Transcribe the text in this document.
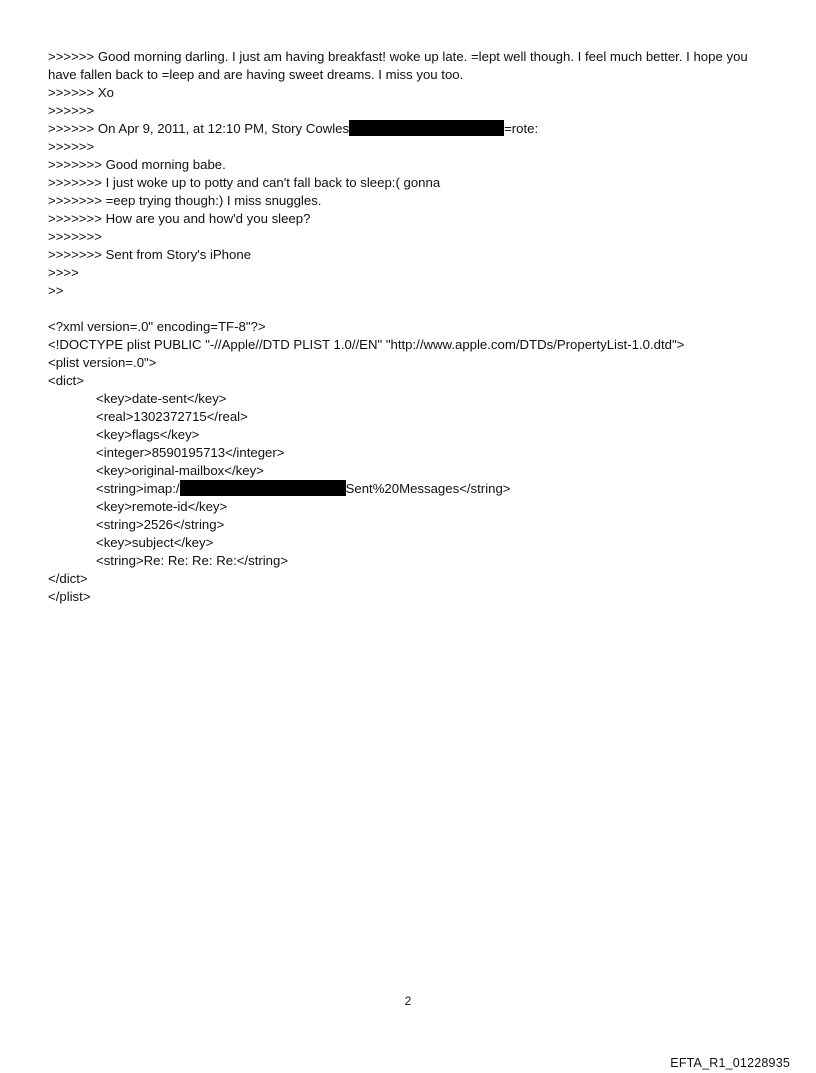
>>>>>> Good morning darling. I just am having breakfast! woke up late. =lept well though. I feel much better. I hope you have fallen back to =leep and are having sweet dreams. I miss you too.
>>>>>> Xo
>>>>>>
>>>>>> On Apr 9, 2011, at 12:10 PM, Story Cowles	=rote:
>>>>>>
>>>>>>> Good morning babe.
>>>>>>> I just woke up to potty and can't fall back to sleep:( gonna
>>>>>>> =eep trying though:) I miss snuggles.
>>>>>>> How are you and how'd you sleep?
>>>>>>>
>>>>>>> Sent from Story's iPhone
>>>>
>>
<?xml version=.0" encoding=TF-8"?>
<!DOCTYPE plist PUBLIC "-//Apple//DTD PLIST 1.0//EN" "http://www.apple.com/DTDs/PropertyList-1.0.dtd">
<plist version=.0">
<dict>
<key>date-sent</key>
<real>1302372715</real>
<key>flags</key>
<integer>8590195713</integer>
<key>original-mailbox</key>
<string>imap:/	Sent%20Messages</string>
<key>remote-id</key>
<string>2526</string>
<key>subject</key>
<string>Re: Re: Re: Re:</string>
</dict>
</plist>
2
EFTA_R1_01228935
